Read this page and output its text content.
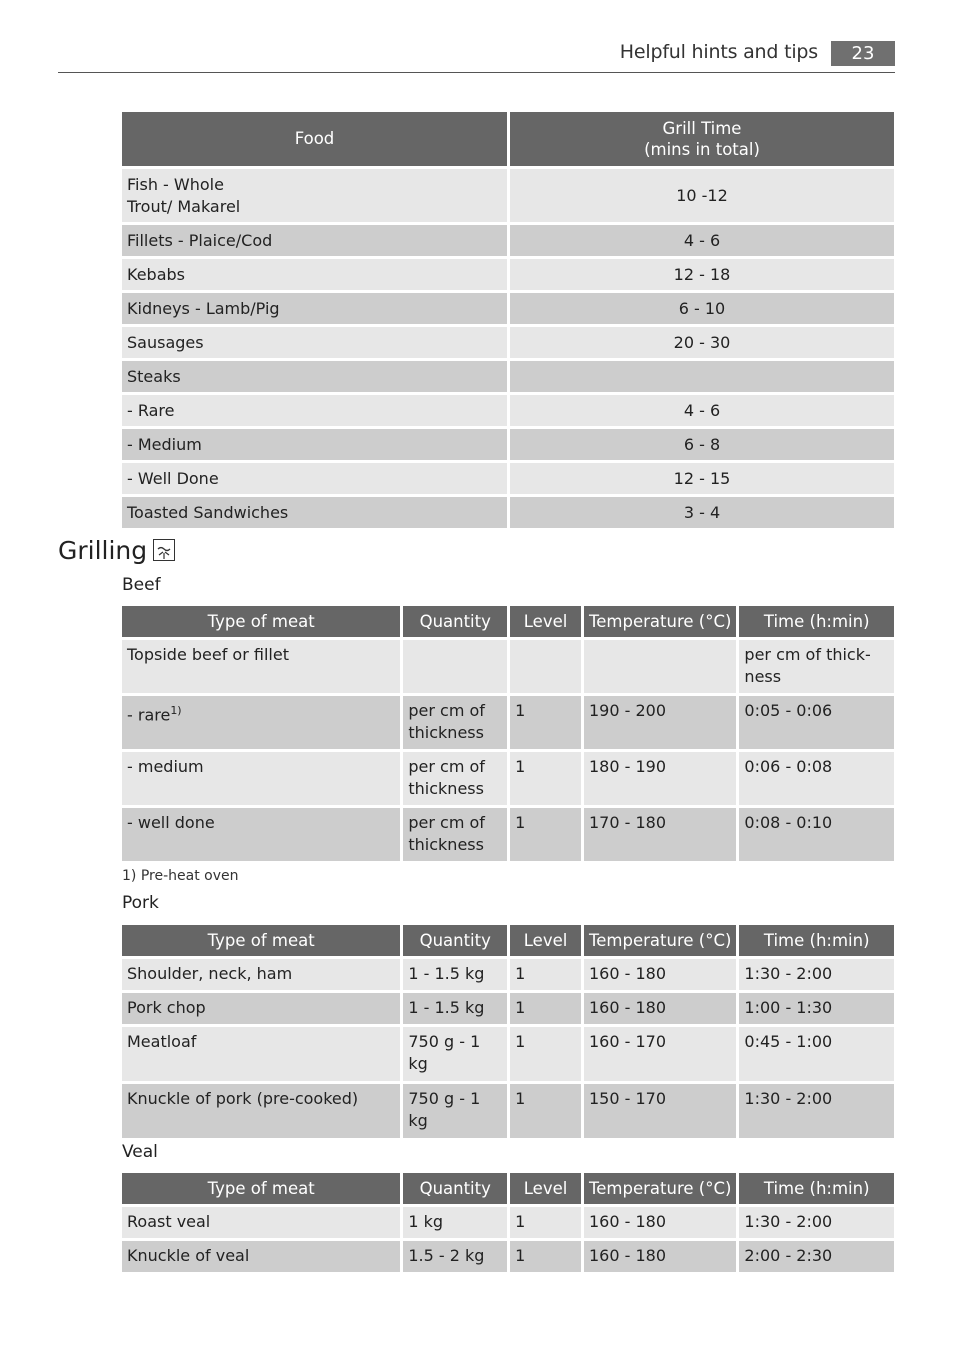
Helpful hints and tips	23
Food	Grill Time
(mins in total)
Fish - Whole
Trout/ Makarel	10 -12
Fillets - Plaice/Cod	4 - 6
Kebabs	12 - 18
Kidneys - Lamb/Pig	6 - 10
Sausages	20 - 30
Steaks	
- Rare	4 - 6
- Medium	6 - 8
- Well Done	12 - 15
Toasted Sandwiches	3 - 4
Grilling
Beef
Type of meat	Quantity	Level	Temperature (°C)	Time (h:min)
Topside beef or fillet				per cm of thick-
ness
- rare$^{1)}$	per cm of
thickness	1	190 - 200	0:05 - 0:06
- medium	per cm of
thickness	1	180 - 190	0:06 - 0:08
- well done	per cm of
thickness	1	170 - 180	0:08 - 0:10
1) Pre-heat oven
Pork
Type of meat	Quantity	Level	Temperature (°C)	Time (h:min)
Shoulder, neck, ham	1 - 1.5 kg	1	160 - 180	1:30 - 2:00
Pork chop	1 - 1.5 kg	1	160 - 180	1:00 - 1:30
Meatloaf	750 g - 1
kg	1	160 - 170	0:45 - 1:00
Knuckle of pork (pre-cooked)	750 g - 1
kg	1	150 - 170	1:30 - 2:00
Veal
Type of meat	Quantity	Level	Temperature (°C)	Time (h:min)
Roast veal	1 kg	1	160 - 180	1:30 - 2:00
Knuckle of veal	1.5 - 2 kg	1	160 - 180	2:00 - 2:30
